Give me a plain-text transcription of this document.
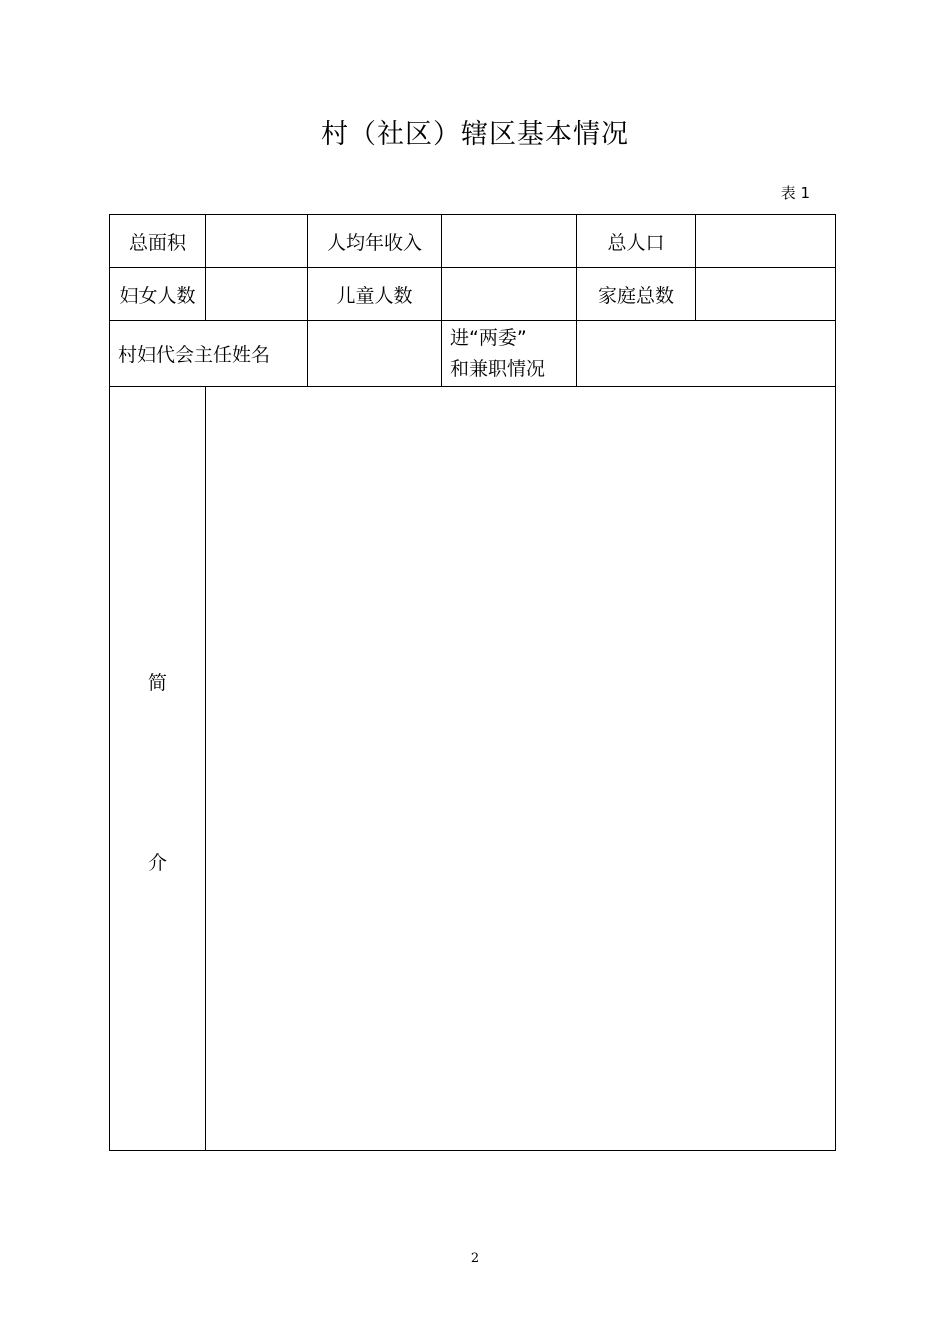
村（社区）辖区基本情况
表 1
总面积		人均年收入		总人口	
妇女人数		儿童人数		家庭总数	
村妇代会主任姓名			进“两委”
和兼职情况		

简
介					

2
